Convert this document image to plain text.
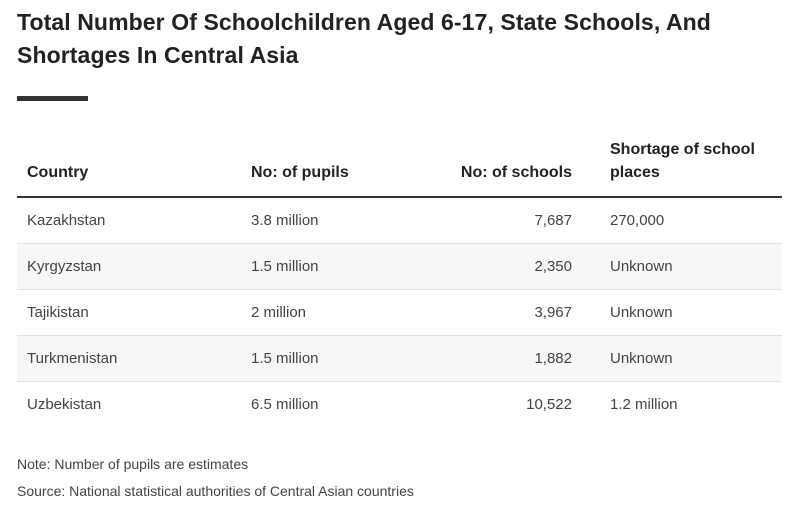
Total Number Of Schoolchildren Aged 6-17, State Schools, And Shortages In Central Asia
Country	No: of pupils	No: of schools	Shortage of school places
Kazakhstan	3.8 million	7,687	270,000
Kyrgyzstan	1.5 million	2,350	Unknown
Tajikistan	2 million	3,967	Unknown
Turkmenistan	1.5 million	1,882	Unknown
Uzbekistan	6.5 million	10,522	1.2 million
Note: Number of pupils are estimates
Source: National statistical authorities of Central Asian countries
